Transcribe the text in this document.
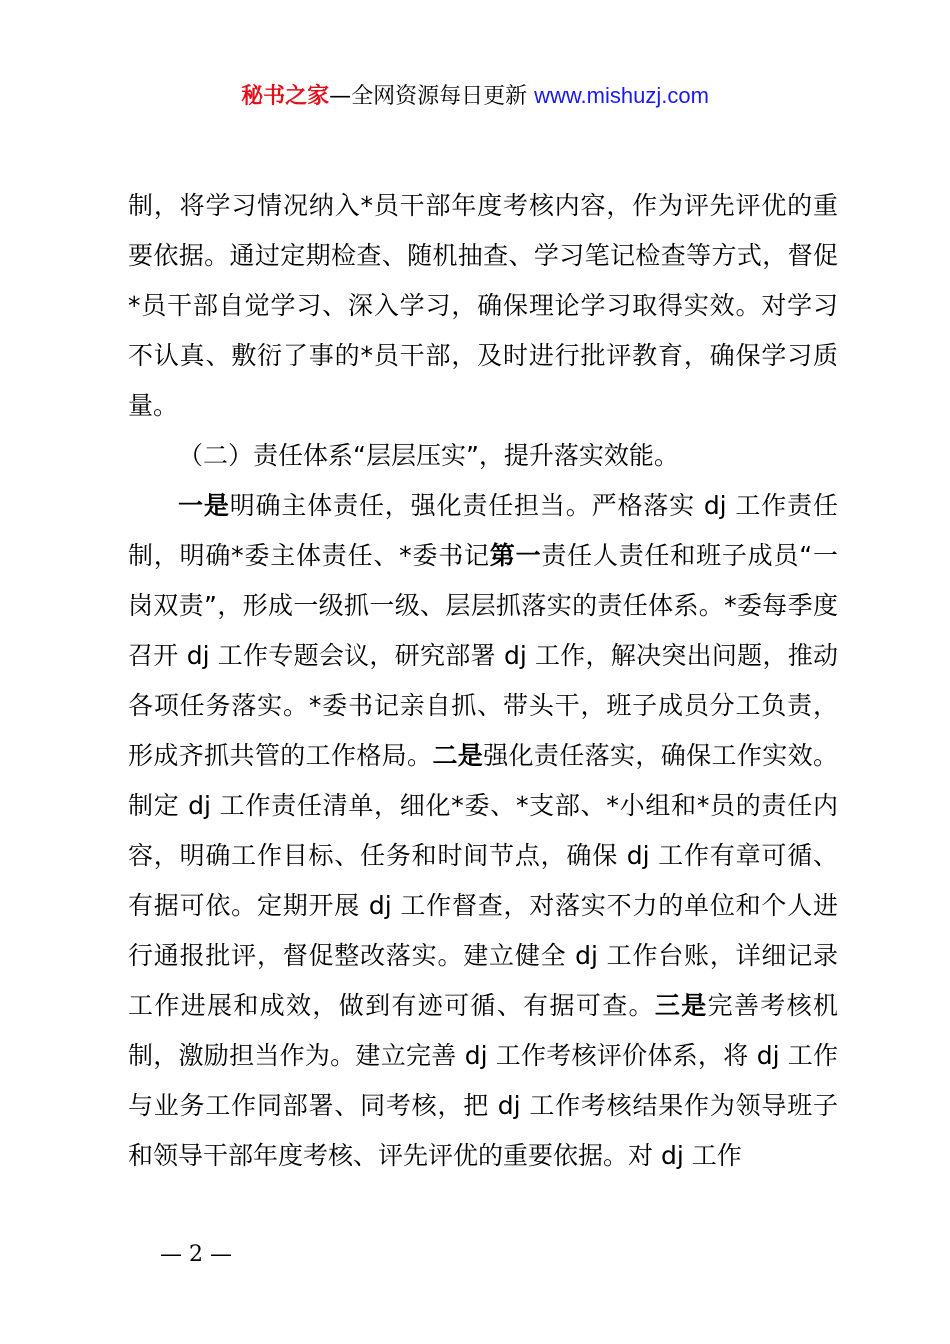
秘书之家—全网资源每日更新 www.mishuzj.com

制，将学习情况纳入*员干部年度考核内容，作为评先评优的重要依据。通过定期检查、随机抽查、学习笔记检查等方式，督促*员干部自觉学习、深入学习，确保理论学习取得实效。对学习不认真、敷衍了事的*员干部，及时进行批评教育，确保学习质量。

（二）责任体系“层层压实”，提升落实效能。

一是明确主体责任，强化责任担当。严格落实 dj 工作责任制，明确*委主体责任、*委书记第一责任人责任和班子成员“一岗双责”，形成一级抓一级、层层抓落实的责任体系。*委每季度召开 dj 工作专题会议，研究部署 dj 工作，解决突出问题，推动各项任务落实。*委书记亲自抓、带头干，班子成员分工负责，形成齐抓共管的工作格局。二是强化责任落实，确保工作实效。制定 dj 工作责任清单，细化*委、*支部、*小组和*员的责任内容，明确工作目标、任务和时间节点，确保 dj 工作有章可循、有据可依。定期开展 dj 工作督查，对落实不力的单位和个人进行通报批评，督促整改落实。建立健全 dj 工作台账，详细记录工作进展和成效，做到有迹可循、有据可查。三是完善考核机制，激励担当作为。建立完善 dj 工作考核评价体系，将 dj 工作与业务工作同部署、同考核，把 dj 工作考核结果作为领导班子和领导干部年度考核、评先评优的重要依据。对 dj 工作

— 2 —
